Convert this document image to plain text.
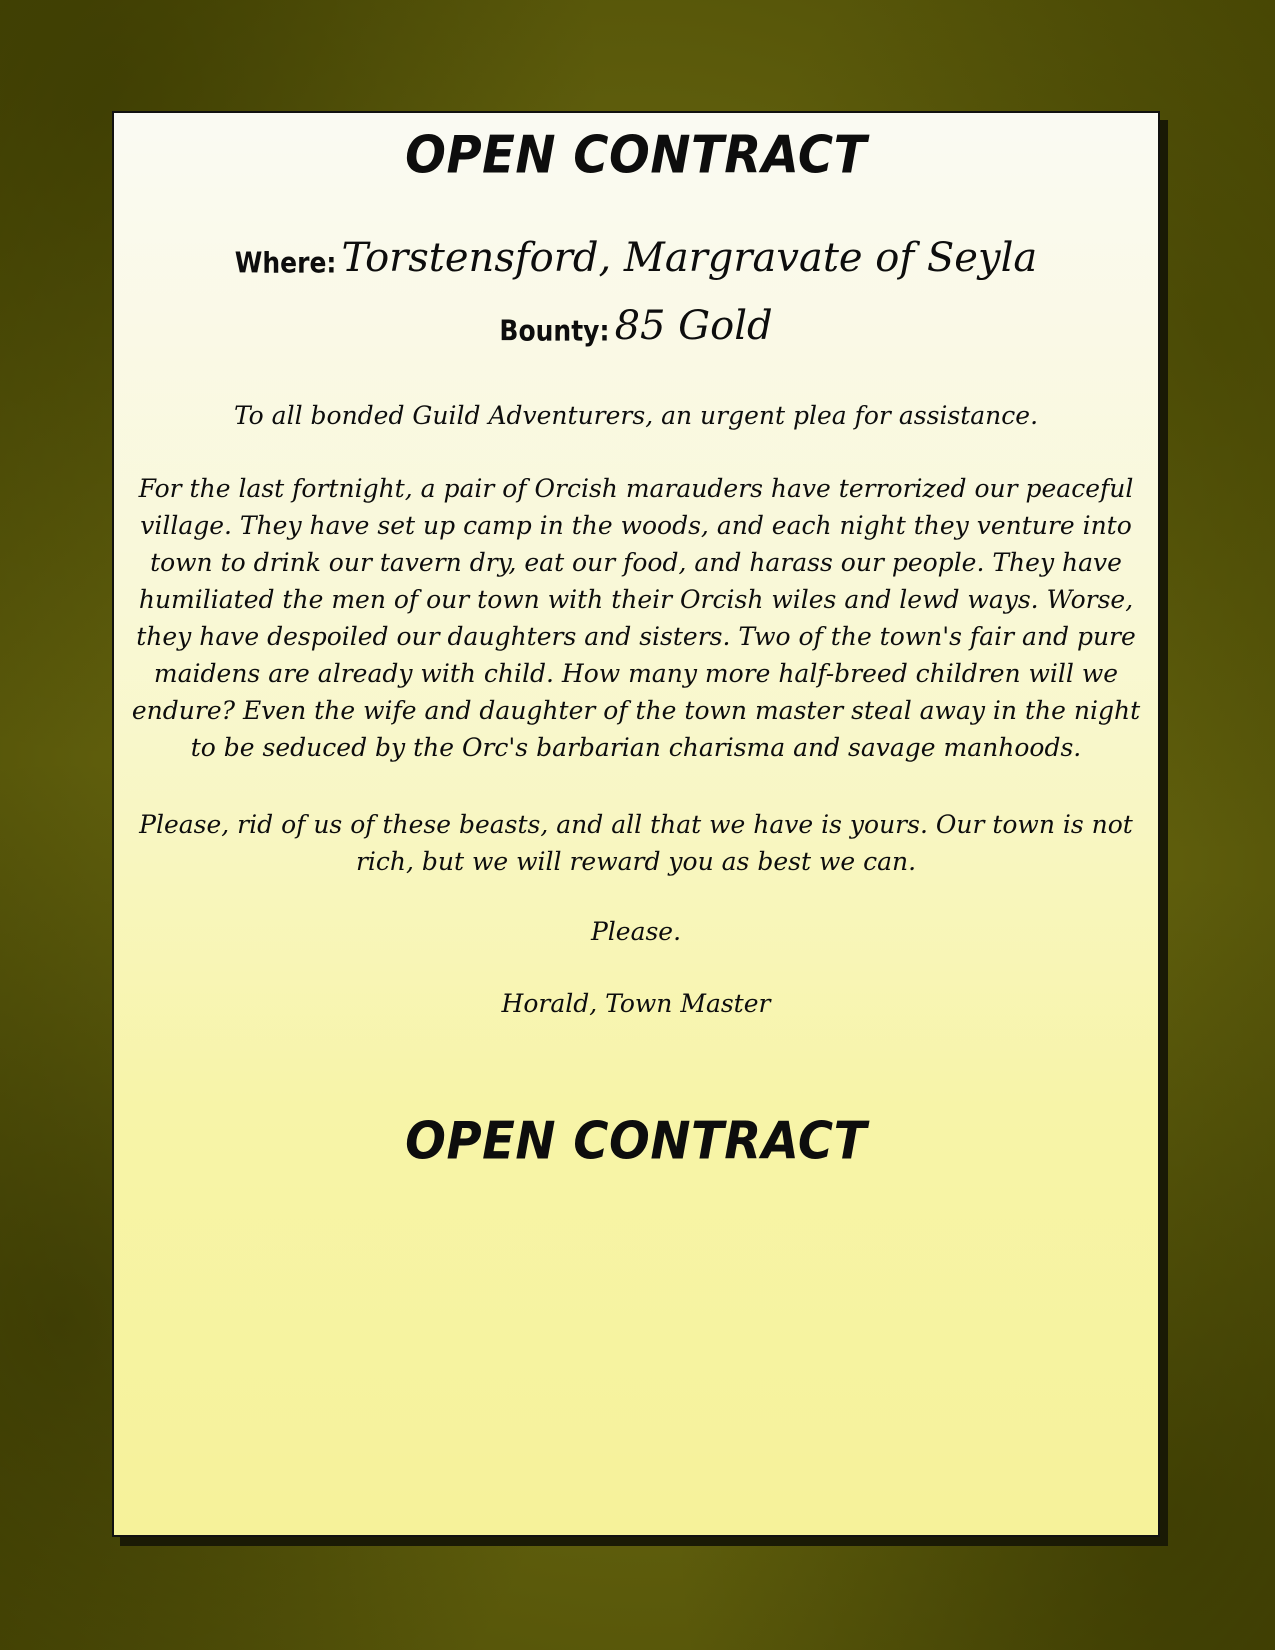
OPEN CONTRACT
Where: Torstensford, Margravate of Seyla
Bounty: 85 Gold

To all bonded Guild Adventurers, an urgent plea for assistance.

For the last fortnight, a pair of Orcish marauders have terrorized our peaceful village. They have set up camp in the woods, and each night they venture into town to drink our tavern dry, eat our food, and harass our people. They have humiliated the men of our town with their Orcish wiles and lewd ways. Worse, they have despoiled our daughters and sisters. Two of the town's fair and pure maidens are already with child. How many more half-breed children will we endure? Even the wife and daughter of the town master steal away in the night to be seduced by the Orc's barbarian charisma and savage manhoods.

Please, rid of us of these beasts, and all that we have is yours. Our town is not rich, but we will reward you as best we can.

Please.

Horald, Town Master

OPEN CONTRACT
